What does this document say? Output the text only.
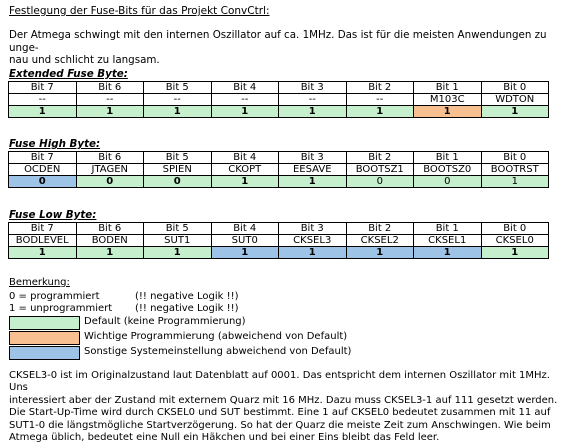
Festlegung der Fuse-Bits für das Projekt ConvCtrl:
Der Atmega schwingt mit den internen Oszillator auf ca. 1MHz. Das ist für die meisten Anwendungen zu unge-
nau und schlicht zu langsam.
Extended Fuse Byte:
Bit 7	Bit 6	Bit 5	Bit 4	Bit 3	Bit 2	Bit 1	Bit 0
--	--	--	--	--	--	M103C	WDTON
1	1	1	1	1	1	1	1
Fuse High Byte:
Bit 7	Bit 6	Bit 5	Bit 4	Bit 3	Bit 2	Bit 1	Bit 0
OCDEN	JTAGEN	SPIEN	CKOPT	EESAVE	BOOTSZ1	BOOTSZ0	BOOTRST
0	0	0	1	1	0	0	1
Fuse Low Byte:
Bit 7	Bit 6	Bit 5	Bit 4	Bit 3	Bit 2	Bit 1	Bit 0
BODLEVEL	BODEN	SUT1	SUT0	CKSEL3	CKSEL2	CKSEL1	CKSEL0
1	1	1	1	1	1	1	1
Bemerkung:
0 = programmiert	(!! negative Logik !!)
1 = unprogrammiert (!! negative Logik !!)
Default (keine Programmierung)
Wichtige Programmierung (abweichend von Default)
Sonstige Systemeinstellung abweichend von Default)
CKSEL3-0 ist im Originalzustand laut Datenblatt auf 0001. Das entspricht dem internen Oszillator mit 1MHz. Uns
interessiert aber der Zustand mit externem Quarz mit 16 MHz. Dazu muss CKSEL3-1 auf 111 gesetzt werden.
Die Start-Up-Time wird durch CKSEL0 und SUT bestimmt. Eine 1 auf CKSEL0 bedeutet zusammen mit 11 auf
SUT1-0 die längstmögliche Startverzögerung. So hat der Quarz die meiste Zeit zum Anschwingen. Wie beim
Atmega üblich, bedeutet eine Null ein Häkchen und bei einer Eins bleibt das Feld leer.
